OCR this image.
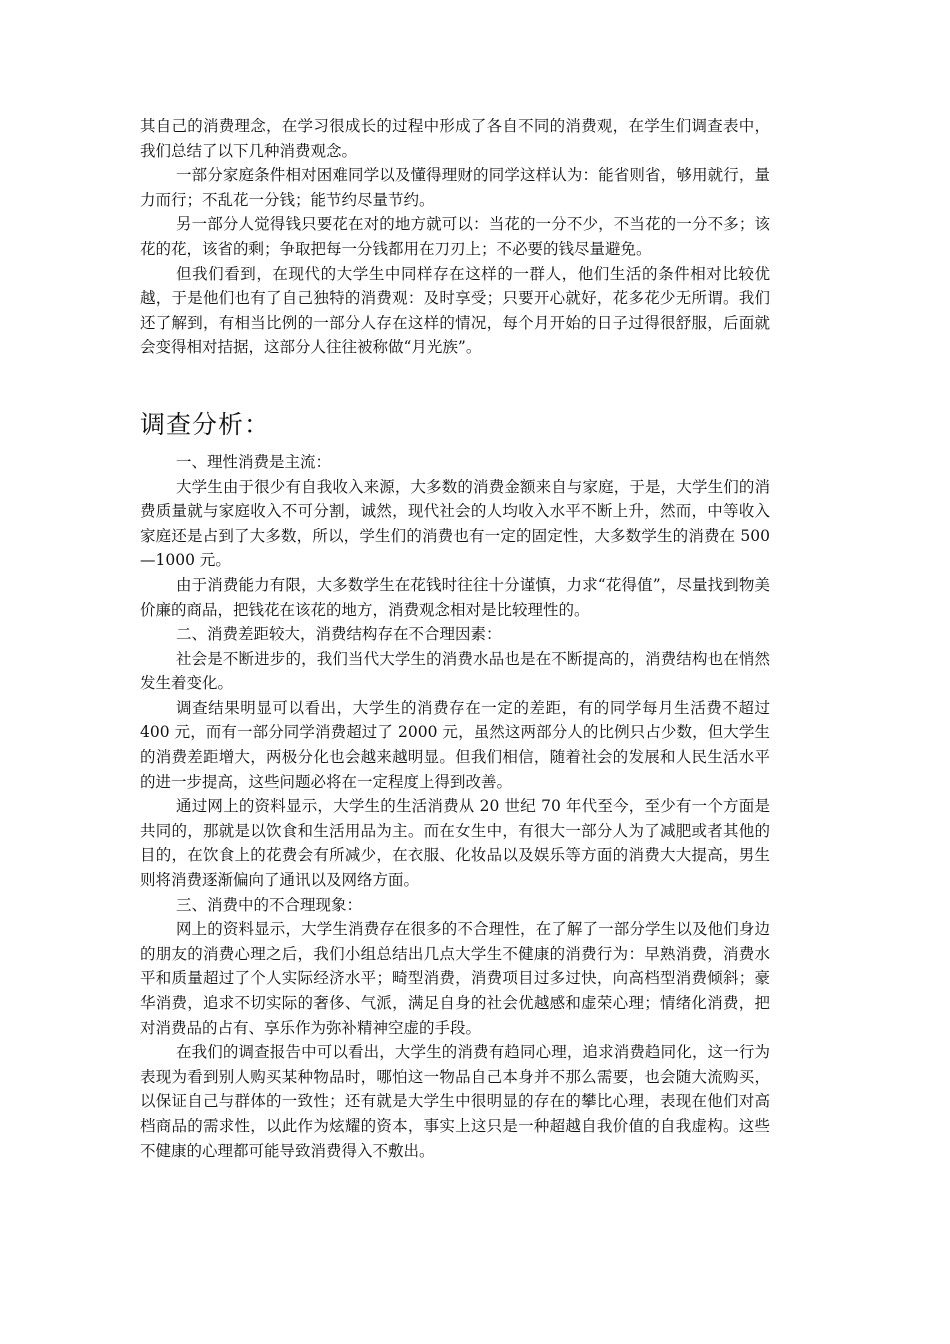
其自己的消费理念，在学习很成长的过程中形成了各自不同的消费观，在学生们调查表中，我们总结了以下几种消费观念。

一部分家庭条件相对困难同学以及懂得理财的同学这样认为：能省则省，够用就行，量力而行；不乱花一分钱；能节约尽量节约。

另一部分人觉得钱只要花在对的地方就可以：当花的一分不少，不当花的一分不多；该花的花，该省的剩；争取把每一分钱都用在刀刃上；不必要的钱尽量避免。

但我们看到，在现代的大学生中同样存在这样的一群人，他们生活的条件相对比较优越，于是他们也有了自己独特的消费观：及时享受；只要开心就好，花多花少无所谓。我们还了解到，有相当比例的一部分人存在这样的情况，每个月开始的日子过得很舒服，后面就会变得相对拮据，这部分人往往被称做“月光族”。

调查分析：

一、理性消费是主流：

大学生由于很少有自我收入来源，大多数的消费金额来自与家庭，于是，大学生们的消费质量就与家庭收入不可分割，诚然，现代社会的人均收入水平不断上升，然而，中等收入家庭还是占到了大多数，所以，学生们的消费也有一定的固定性，大多数学生的消费在 500—1000 元。

由于消费能力有限，大多数学生在花钱时往往十分谨慎，力求“花得值”，尽量找到物美价廉的商品，把钱花在该花的地方，消费观念相对是比较理性的。

二、消费差距较大，消费结构存在不合理因素：

社会是不断进步的，我们当代大学生的消费水品也是在不断提高的，消费结构也在悄然发生着变化。

调查结果明显可以看出，大学生的消费存在一定的差距，有的同学每月生活费不超过 400 元，而有一部分同学消费超过了 2000 元，虽然这两部分人的比例只占少数，但大学生的消费差距增大，两极分化也会越来越明显。但我们相信，随着社会的发展和人民生活水平的进一步提高，这些问题必将在一定程度上得到改善。

通过网上的资料显示，大学生的生活消费从 20 世纪 70 年代至今，至少有一个方面是共同的，那就是以饮食和生活用品为主。而在女生中，有很大一部分人为了减肥或者其他的目的，在饮食上的花费会有所减少，在衣服、化妆品以及娱乐等方面的消费大大提高，男生则将消费逐渐偏向了通讯以及网络方面。

三、消费中的不合理现象：

网上的资料显示，大学生消费存在很多的不合理性，在了解了一部分学生以及他们身边的朋友的消费心理之后，我们小组总结出几点大学生不健康的消费行为：早熟消费，消费水平和质量超过了个人实际经济水平；畸型消费，消费项目过多过快，向高档型消费倾斜；豪华消费，追求不切实际的奢侈、气派，满足自身的社会优越感和虚荣心理；情绪化消费，把对消费品的占有、享乐作为弥补精神空虚的手段。

在我们的调查报告中可以看出，大学生的消费有趋同心理，追求消费趋同化，这一行为表现为看到别人购买某种物品时，哪怕这一物品自己本身并不那么需要，也会随大流购买，以保证自己与群体的一致性；还有就是大学生中很明显的存在的攀比心理，表现在他们对高档商品的需求性，以此作为炫耀的资本，事实上这只是一种超越自我价值的自我虚构。这些不健康的心理都可能导致消费得入不敷出。
